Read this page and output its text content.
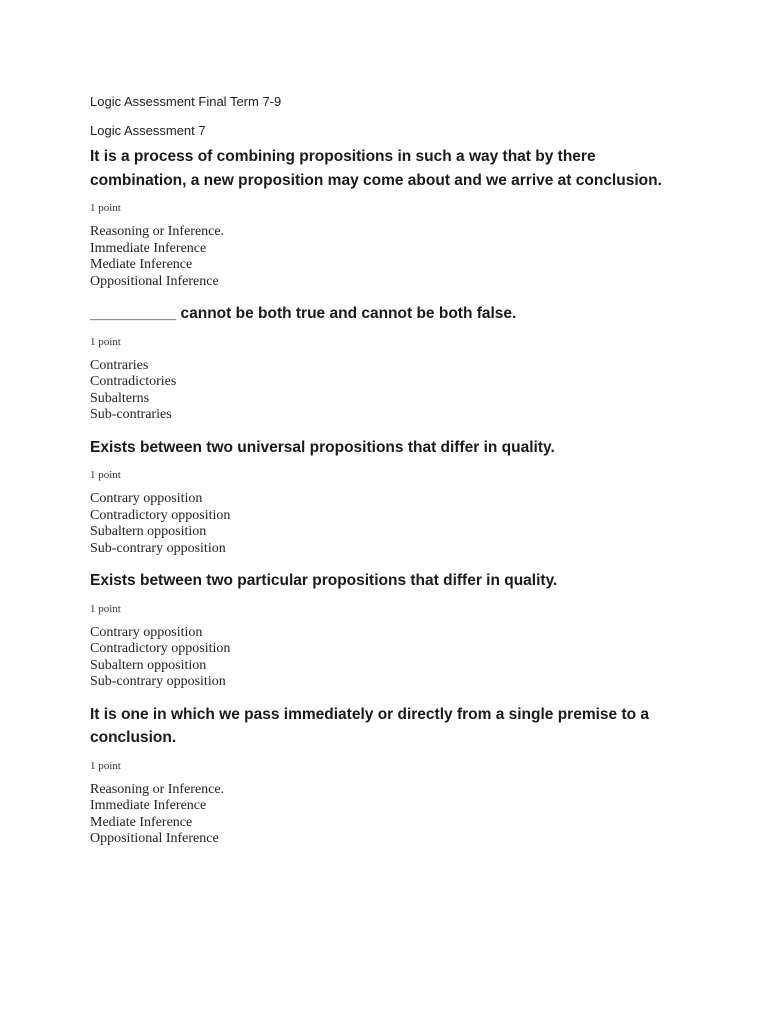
Logic Assessment Final Term 7-9

Logic Assessment 7

It is a process of combining propositions in such a way that by there combination, a new proposition may come about and we arrive at conclusion.

1 point

Reasoning or Inference.
Immediate Inference
Mediate Inference
Oppositional Inference

__________ cannot be both true and cannot be both false.

1 point

Contraries
Contradictories
Subalterns
Sub-contraries

Exists between two universal propositions that differ in quality.

1 point

Contrary opposition
Contradictory opposition
Subaltern opposition
Sub-contrary opposition

Exists between two particular propositions that differ in quality.

1 point

Contrary opposition
Contradictory opposition
Subaltern opposition
Sub-contrary opposition

It is one in which we pass immediately or directly from a single premise to a conclusion.

1 point

Reasoning or Inference.
Immediate Inference
Mediate Inference
Oppositional Inference
